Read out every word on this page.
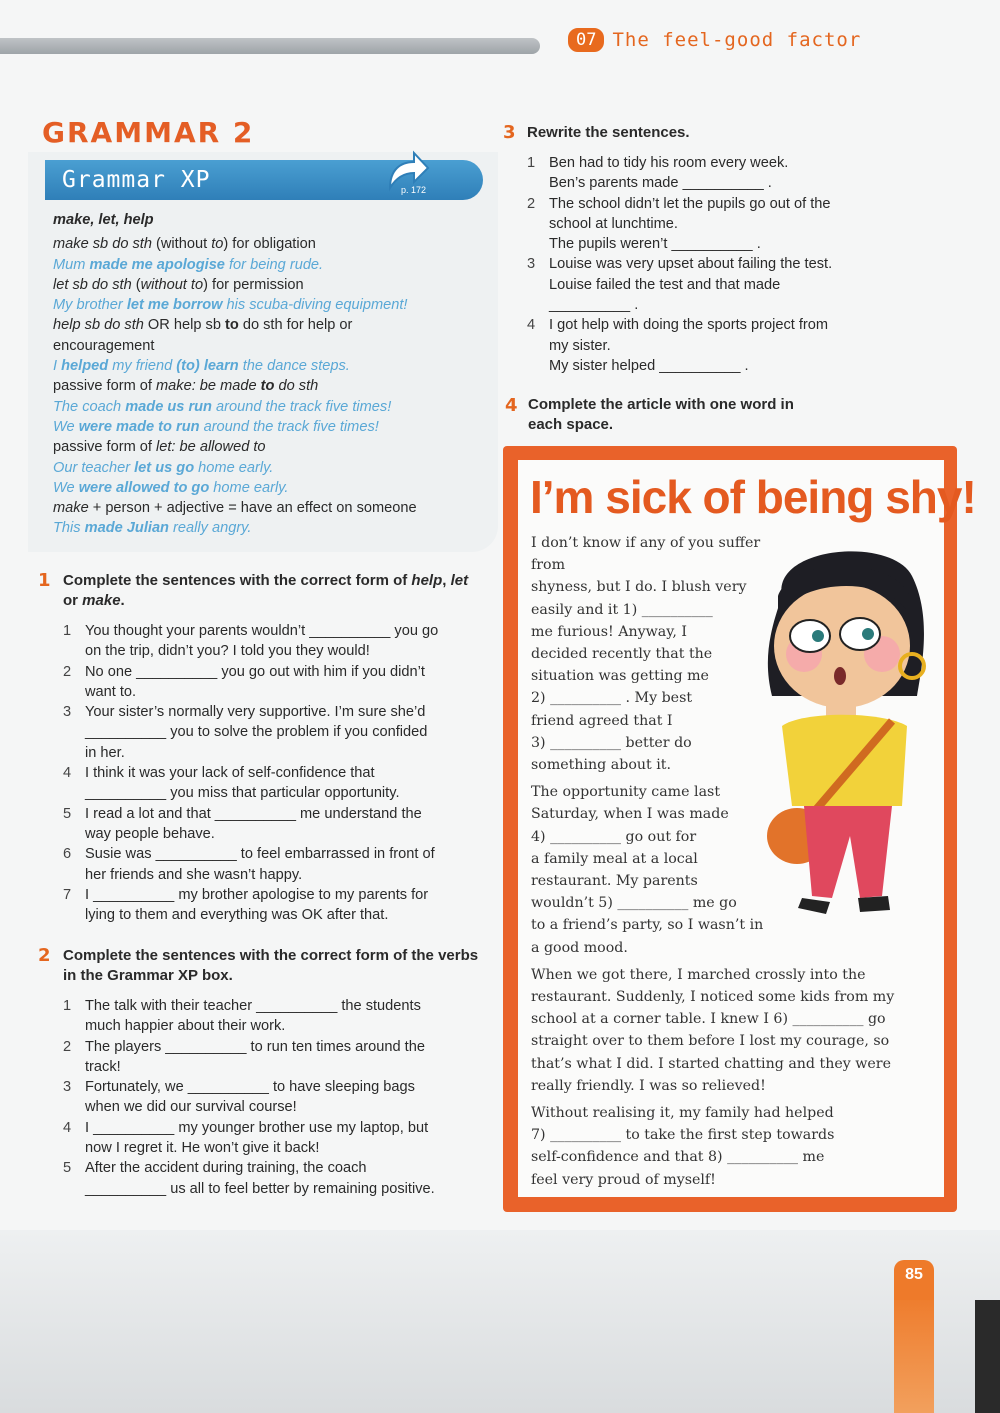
07 The feel-good factor
GRAMMAR 2
Grammar XP	p. 172
make, let, help
make sb do sth (without to) for obligation
Mum made me apologise for being rude.
let sb do sth (without to) for permission
My brother let me borrow his scuba-diving equipment!
help sb do sth OR help sb to do sth for help or
encouragement
I helped my friend (to) learn the dance steps.
passive form of make: be made to do sth
The coach made us run around the track five times!
We were made to run around the track five times!
passive form of let: be allowed to
Our teacher let us go home early.
We were allowed to go home early.
make + person + adjective = have an effect on someone
This made Julian really angry.
1 Complete the sentences with the correct form of help, let or make.
1 You thought your parents wouldn’t __________ you go
on the trip, didn’t you? I told you they would!
2 No one __________ you go out with him if you didn’t
want to.
3 Your sister’s normally very supportive. I’m sure she’d
__________ you to solve the problem if you confided
in her.
4 I think it was your lack of self-confidence that
__________ you miss that particular opportunity.
5 I read a lot and that __________ me understand the
way people behave.
6 Susie was __________ to feel embarrassed in front of
her friends and she wasn’t happy.
7 I __________ my brother apologise to my parents for
lying to them and everything was OK after that.
2 Complete the sentences with the correct form of the verbs in the Grammar XP box.
1 The talk with their teacher __________ the students
much happier about their work.
2 The players __________ to run ten times around the
track!
3 Fortunately, we __________ to have sleeping bags
when we did our survival course!
4 I __________ my younger brother use my laptop, but
now I regret it. He won’t give it back!
5 After the accident during training, the coach
__________ us all to feel better by remaining positive.
3 Rewrite the sentences.
1 Ben had to tidy his room every week.
Ben’s parents made __________ .
2 The school didn’t let the pupils go out of the
school at lunchtime.
The pupils weren’t __________ .
3 Louise was very upset about failing the test.
Louise failed the test and that made
__________ .
4 I got help with doing the sports project from
my sister.
My sister helped __________ .
4 Complete the article with one word in
each space.
I’m sick of being shy!

I don’t know if any of you suffer from
shyness, but I do. I blush very
easily and it 1) __________
me furious! Anyway, I
decided recently that the
situation was getting me
2) __________ . My best
friend agreed that I
3) __________ better do
something about it.

The opportunity came last
Saturday, when I was made
4) __________ go out for
a family meal at a local
restaurant. My parents
wouldn’t 5) __________ me go
to a friend’s party, so I wasn’t in
a good mood.

When we got there, I marched crossly into the
restaurant. Suddenly, I noticed some kids from my
school at a corner table. I knew I 6) __________ go
straight over to them before I lost my courage, so
that’s what I did. I started chatting and they were
really friendly. I was so relieved!

Without realising it, my family had helped
7) __________ to take the first step towards
self-confidence and that 8) __________ me
feel very proud of myself!

85
